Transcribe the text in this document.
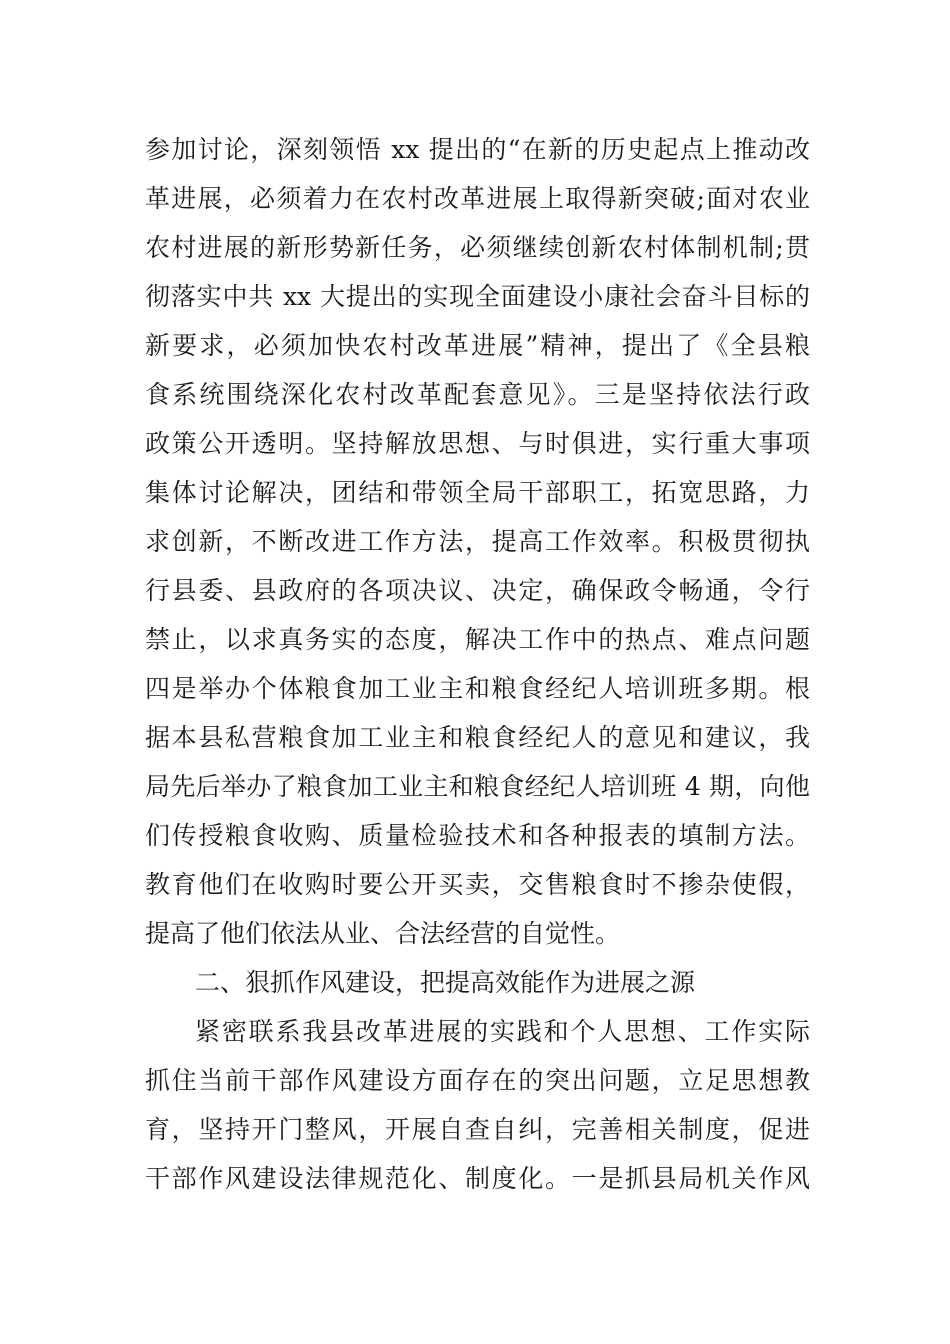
参加讨论，深刻领悟 xx 提出的“在新的历史起点上推动改
革进展，必须着力在农村改革进展上取得新突破;面对农业
农村进展的新形势新任务，必须继续创新农村体制机制;贯
彻落实中共 xx 大提出的实现全面建设小康社会奋斗目标的
新要求，必须加快农村改革进展”精神，提出了《全县粮
食系统围绕深化农村改革配套意见》。三是坚持依法行政
政策公开透明。坚持解放思想、与时俱进，实行重大事项
集体讨论解决，团结和带领全局干部职工，拓宽思路，力
求创新，不断改进工作方法，提高工作效率。积极贯彻执
行县委、县政府的各项决议、决定，确保政令畅通，令行
禁止，以求真务实的态度，解决工作中的热点、难点问题
四是举办个体粮食加工业主和粮食经纪人培训班多期。根
据本县私营粮食加工业主和粮食经纪人的意见和建议，我
局先后举办了粮食加工业主和粮食经纪人培训班 4 期，向他
们传授粮食收购、质量检验技术和各种报表的填制方法。
教育他们在收购时要公开买卖，交售粮食时不掺杂使假，
提高了他们依法从业、合法经营的自觉性。
二、狠抓作风建设，把提高效能作为进展之源
紧密联系我县改革进展的实践和个人思想、工作实际
抓住当前干部作风建设方面存在的突出问题，立足思想教
育，坚持开门整风，开展自查自纠，完善相关制度，促进
干部作风建设法律规范化、制度化。一是抓县局机关作风
